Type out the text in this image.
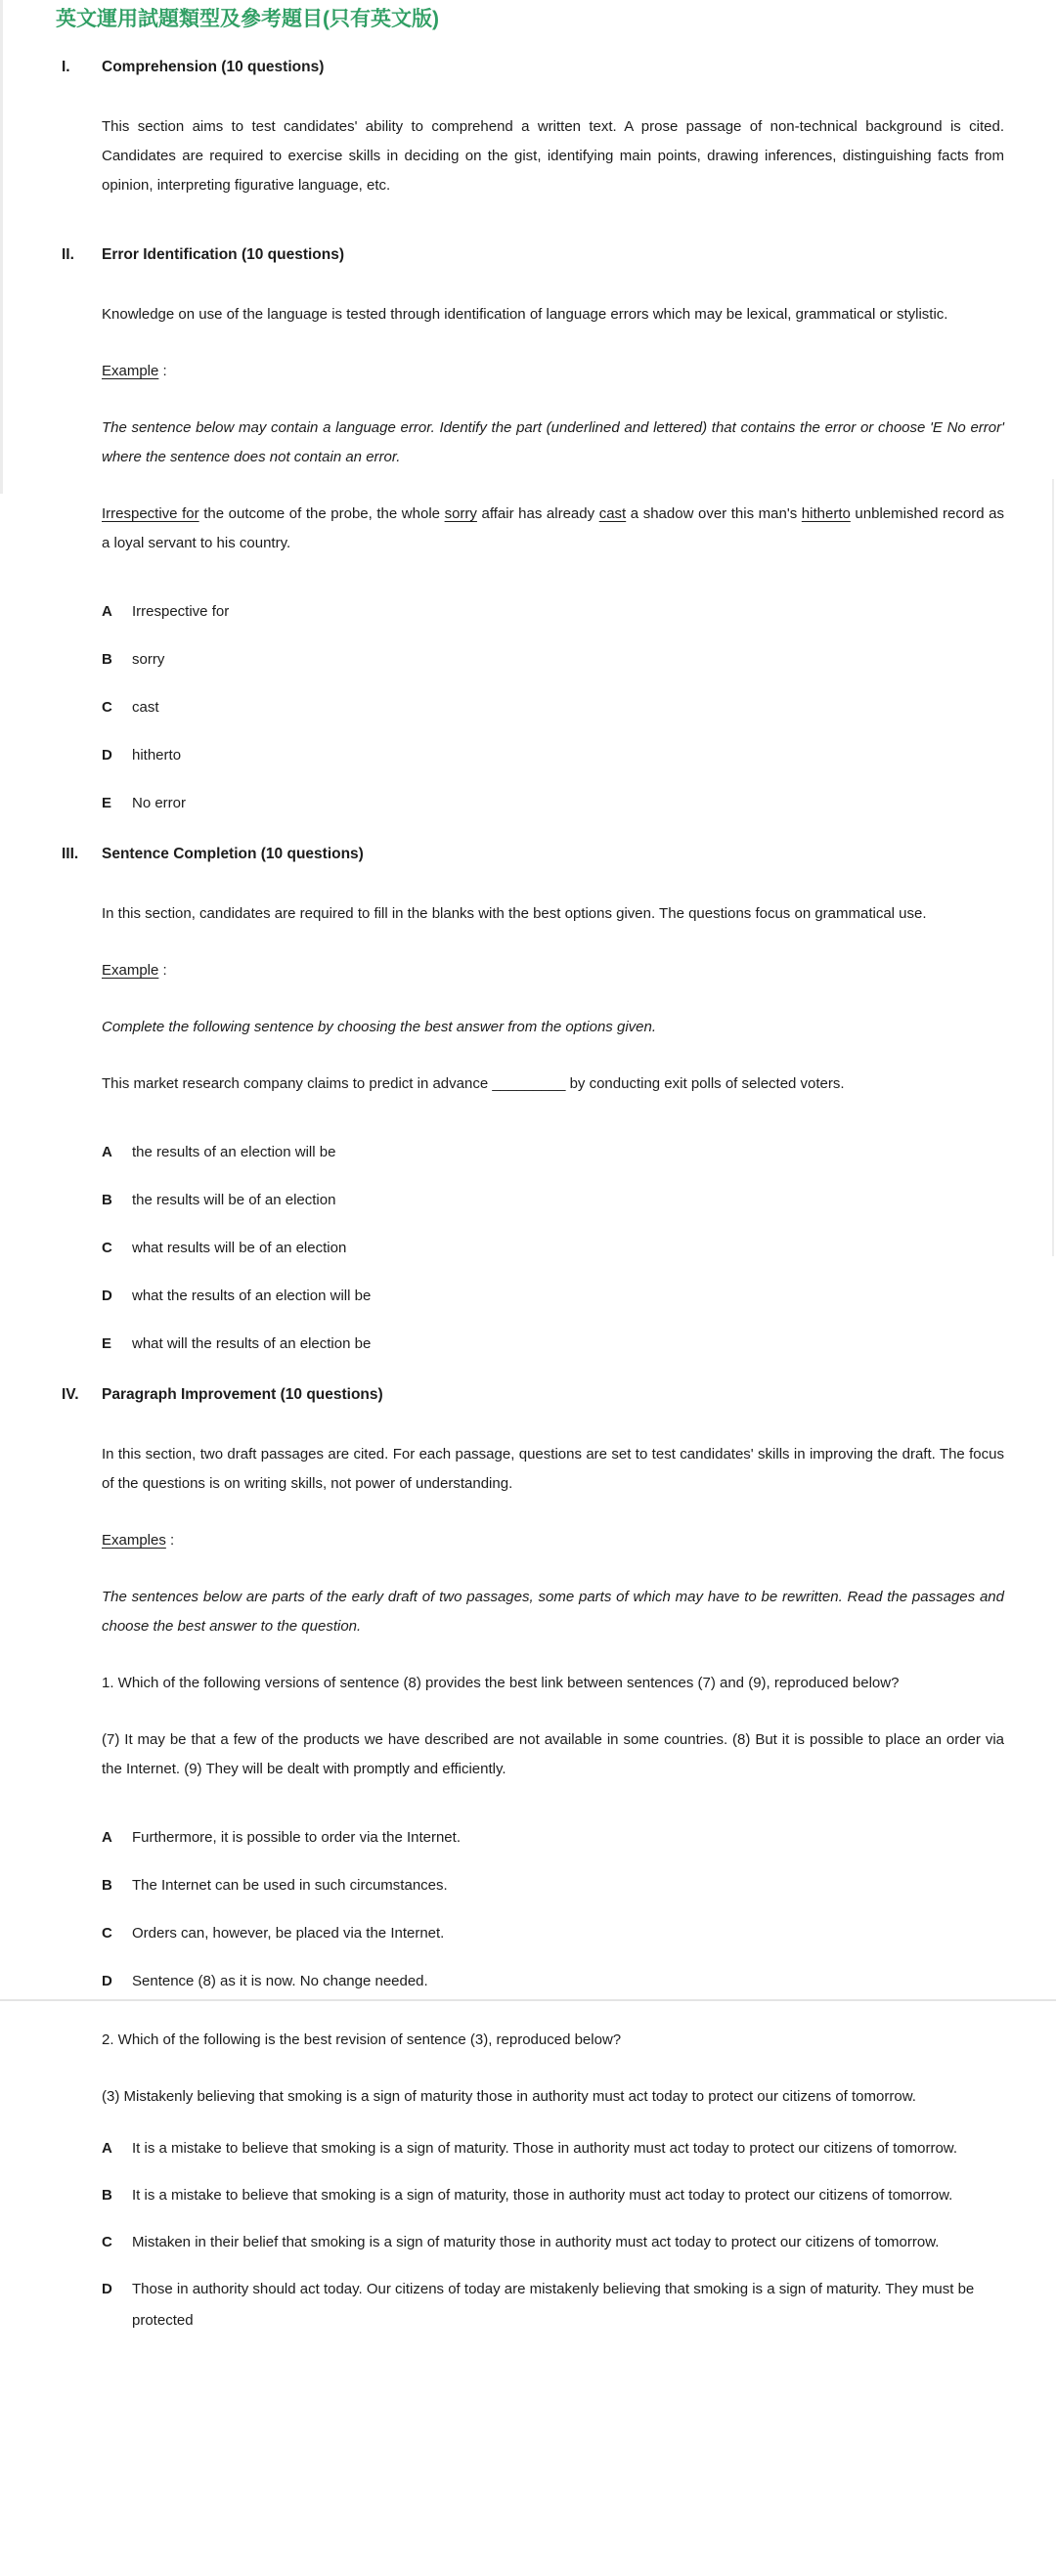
英文運用試題類型及參考題目(只有英文版)
I.	Comprehension (10 questions)
This section aims to test candidates' ability to comprehend a written text. A prose passage of non-technical background is cited. Candidates are required to exercise skills in deciding on the gist, identifying main points, drawing inferences, distinguishing facts from opinion, interpreting figurative language, etc.
II.	Error Identification (10 questions)
Knowledge on use of the language is tested through identification of language errors which may be lexical, grammatical or stylistic.
Example :
The sentence below may contain a language error. Identify the part (underlined and lettered) that contains the error or choose 'E No error' where the sentence does not contain an error.
Irrespective for the outcome of the probe, the whole sorry affair has already cast a shadow over this man's hitherto unblemished record as a loyal servant to his country.
A	Irrespective for
B	sorry
C	cast
D	hitherto
E	No error
III.	Sentence Completion (10 questions)
In this section, candidates are required to fill in the blanks with the best options given. The questions focus on grammatical use.
Example :
Complete the following sentence by choosing the best answer from the options given.
This market research company claims to predict in advance _________ by conducting exit polls of selected voters.
A	the results of an election will be
B	the results will be of an election
C	what results will be of an election
D	what the results of an election will be
E	what will the results of an election be
IV.	Paragraph Improvement (10 questions)
In this section, two draft passages are cited. For each passage, questions are set to test candidates' skills in improving the draft. The focus of the questions is on writing skills, not power of understanding.
Examples :
The sentences below are parts of the early draft of two passages, some parts of which may have to be rewritten. Read the passages and choose the best answer to the question.
1. Which of the following versions of sentence (8) provides the best link between sentences (7) and (9), reproduced below?
(7) It may be that a few of the products we have described are not available in some countries. (8) But it is possible to place an order via the Internet. (9) They will be dealt with promptly and efficiently.
A	Furthermore, it is possible to order via the Internet.
B	The Internet can be used in such circumstances.
C	Orders can, however, be placed via the Internet.
D	Sentence (8) as it is now. No change needed.
2. Which of the following is the best revision of sentence (3), reproduced below?
(3) Mistakenly believing that smoking is a sign of maturity those in authority must act today to protect our citizens of tomorrow.
A	It is a mistake to believe that smoking is a sign of maturity. Those in authority must act today to protect our citizens of tomorrow.
B	It is a mistake to believe that smoking is a sign of maturity, those in authority must act today to protect our citizens of tomorrow.
C	Mistaken in their belief that smoking is a sign of maturity those in authority must act today to protect our citizens of tomorrow.
D	Those in authority should act today. Our citizens of today are mistakenly believing that smoking is a sign of maturity. They must be protected
